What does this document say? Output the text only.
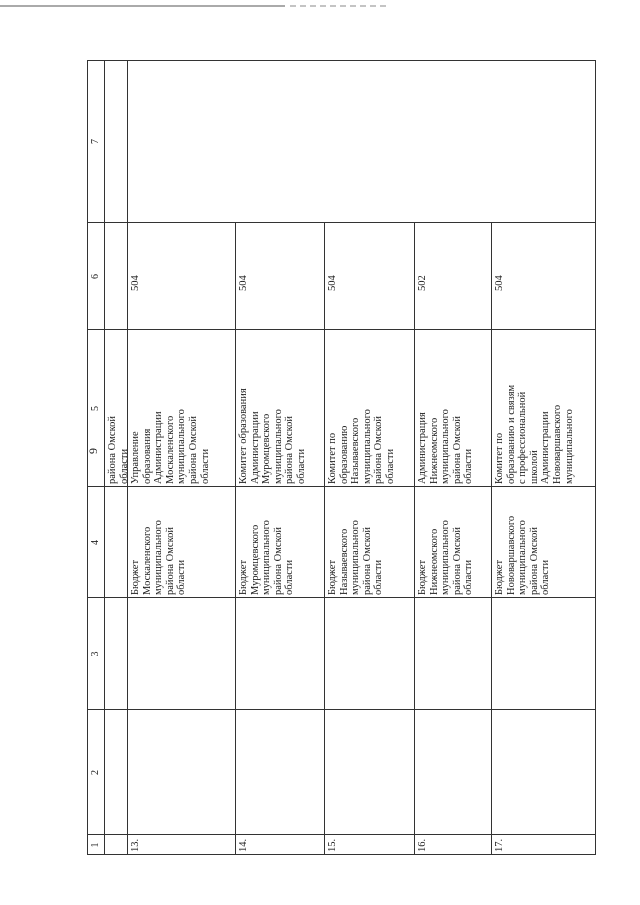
9
1
2
3
4
5
6
7
района Омской
области
13.
Бюджет
Москаленского
муниципального
района Омской
области
Управление
образования
Администрации
Москаленского
муниципального
района Омской
области
504
14.
Бюджет
Муромцевского
муниципального
района Омской
области
Комитет образования
Администрации
Муромцевского
муниципального
района Омской
области
504
15.
Бюджет
Называевского
муниципального
района Омской
области
Комитет по
образованию
Называевского
муниципального
района Омской
области
504
16.
Бюджет
Нижнеомского
муниципального
района Омской
области
Администрация
Нижнеомского
муниципального
района Омской
области
502
17.
Бюджет
Нововаршавского
муниципального
района Омской
области
Комитет по
образованию и связям
с профессиональной
школой
Администрации
Нововаршавского
муниципального
504
